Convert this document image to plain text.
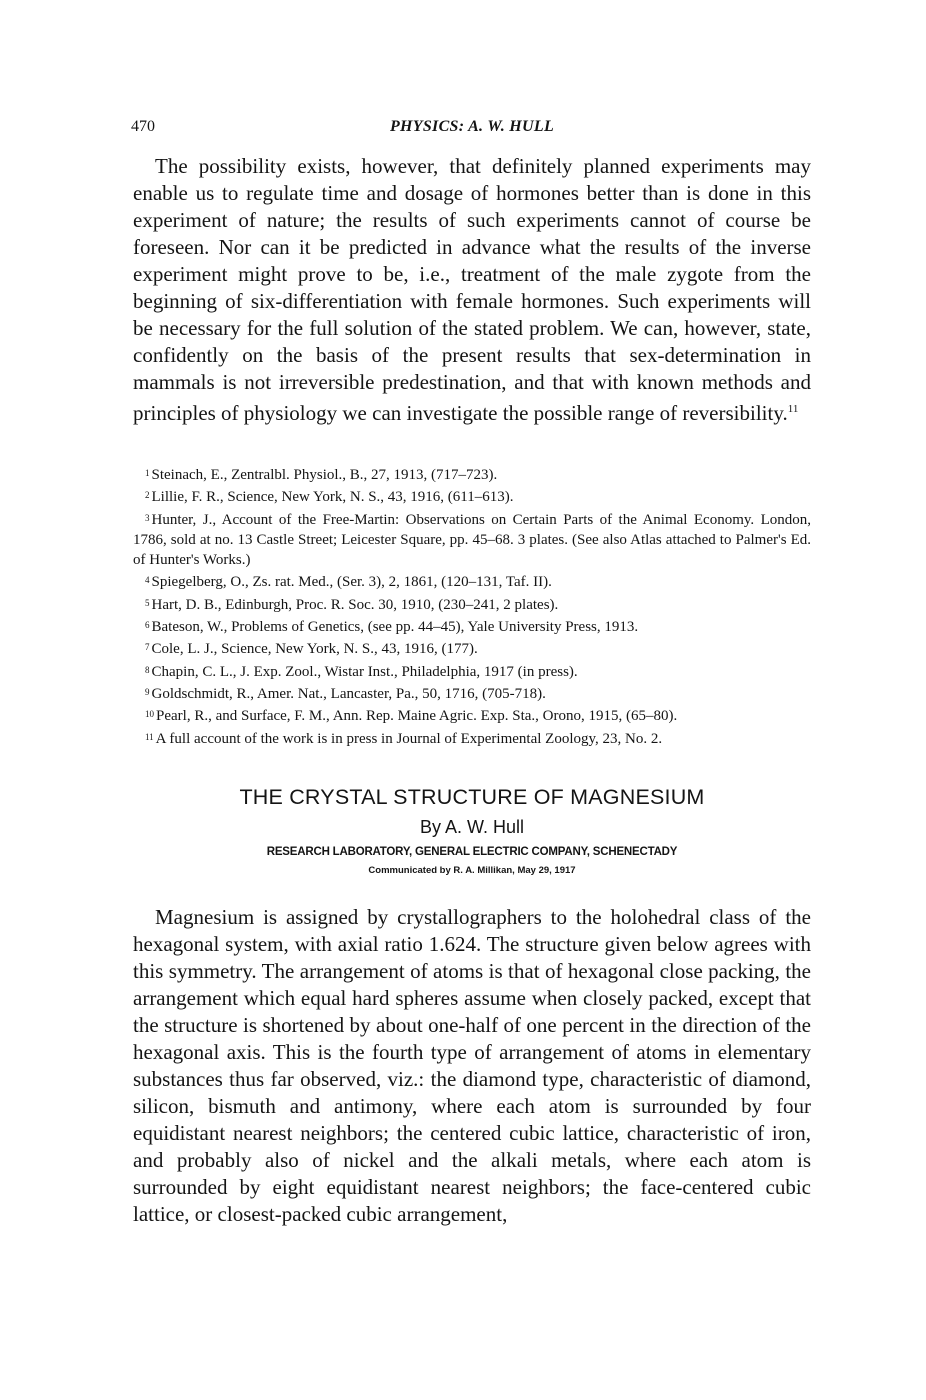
470	PHYSICS: A. W. HULL

The possibility exists, however, that definitely planned experiments may enable us to regulate time and dosage of hormones better than is done in this experiment of nature; the results of such experiments cannot of course be foreseen. Nor can it be predicted in advance what the results of the inverse experiment might prove to be, i.e., treatment of the male zygote from the beginning of six-differentiation with female hormones. Such experiments will be necessary for the full solution of the stated problem. We can, however, state, confidently on the basis of the present results that sex-determination in mammals is not irreversible predestination, and that with known methods and principles of physiology we can investigate the possible range of reversibility.$^{11}$

$^1$ Steinach, E., Zentralbl. Physiol., B., 27, 1913, (717–723).

$^2$ Lillie, F. R., Science, New York, N. S., 43, 1916, (611–613).

$^3$ Hunter, J., Account of the Free-Martin: Observations on Certain Parts of the Animal Economy. London, 1786, sold at no. 13 Castle Street; Leicester Square, pp. 45–68. 3 plates. (See also Atlas attached to Palmer's Ed. of Hunter's Works.)

$^4$ Spiegelberg, O., Zs. rat. Med., (Ser. 3), 2, 1861, (120–131, Taf. II).

$^5$ Hart, D. B., Edinburgh, Proc. R. Soc. 30, 1910, (230–241, 2 plates).

$^6$ Bateson, W., Problems of Genetics, (see pp. 44–45), Yale University Press, 1913.

$^7$ Cole, L. J., Science, New York, N. S., 43, 1916, (177).

$^8$ Chapin, C. L., J. Exp. Zool., Wistar Inst., Philadelphia, 1917 (in press).

$^9$ Goldschmidt, R., Amer. Nat., Lancaster, Pa., 50, 1716, (705-718).

$^{10}$ Pearl, R., and Surface, F. M., Ann. Rep. Maine Agric. Exp. Sta., Orono, 1915, (65–80).

$^{11}$ A full account of the work is in press in Journal of Experimental Zoology, 23, No. 2.

THE CRYSTAL STRUCTURE OF MAGNESIUM
By A. W. Hull
RESEARCH LABORATORY, GENERAL ELECTRIC COMPANY, SCHENECTADY
Communicated by R. A. Millikan, May 29, 1917

Magnesium is assigned by crystallographers to the holohedral class of the hexagonal system, with axial ratio 1.624. The structure given below agrees with this symmetry. The arrangement of atoms is that of hexagonal close packing, the arrangement which equal hard spheres assume when closely packed, except that the structure is shortened by about one-half of one percent in the direction of the hexagonal axis. This is the fourth type of arrangement of atoms in elementary substances thus far observed, viz.: the diamond type, characteristic of diamond, silicon, bismuth and antimony, where each atom is surrounded by four equidistant nearest neighbors; the centered cubic lattice, characteristic of iron, and probably also of nickel and the alkali metals, where each atom is surrounded by eight equidistant nearest neighbors; the face-centered cubic lattice, or closest-packed cubic arrangement,
